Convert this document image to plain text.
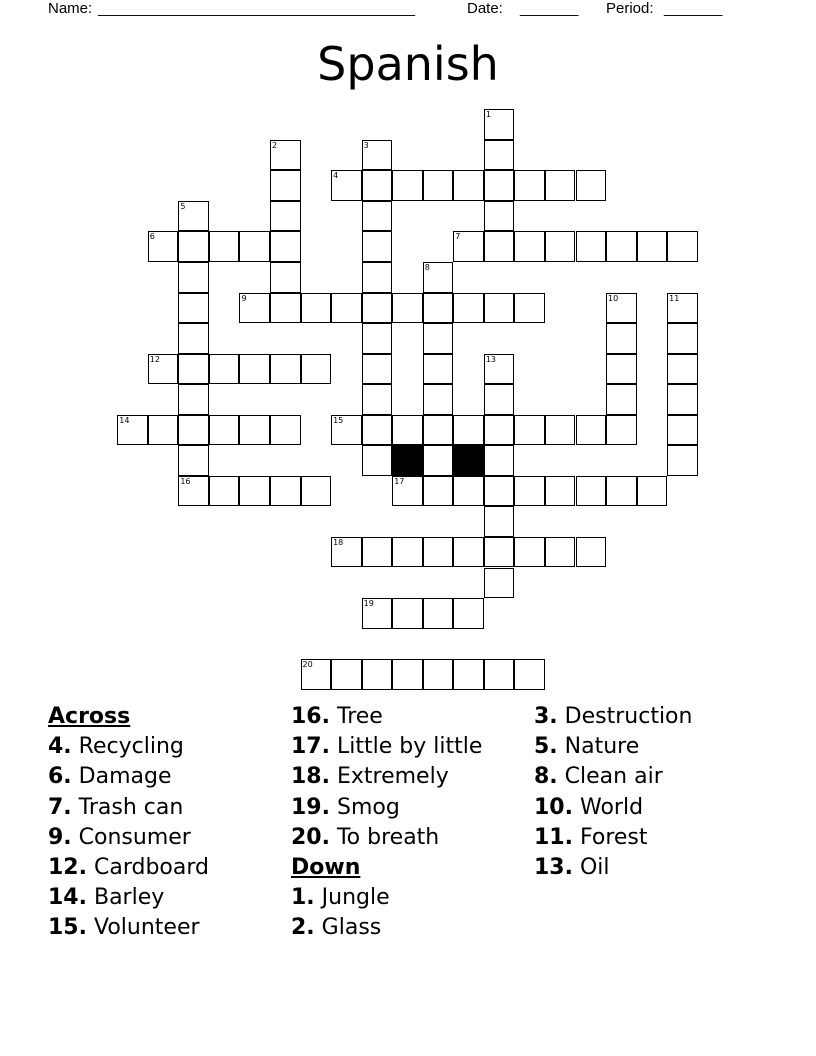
Name:

______________________________________

	Date:

_______

Period:

_______

Spanish
4
6	7
9
12
14	15
16	17
18
19
20
1
2	3
5
8
10	11
13
Across
4. Recycling
6. Damage
7. Trash can
9. Consumer
12. Cardboard
14. Barley
15. Volunteer
16. Tree
17. Little by little
18. Extremely
19. Smog
20. To breath
Down
1. Jungle
2. Glass
3. Destruction
5. Nature
8. Clean air
10. World
11. Forest
13. Oil
